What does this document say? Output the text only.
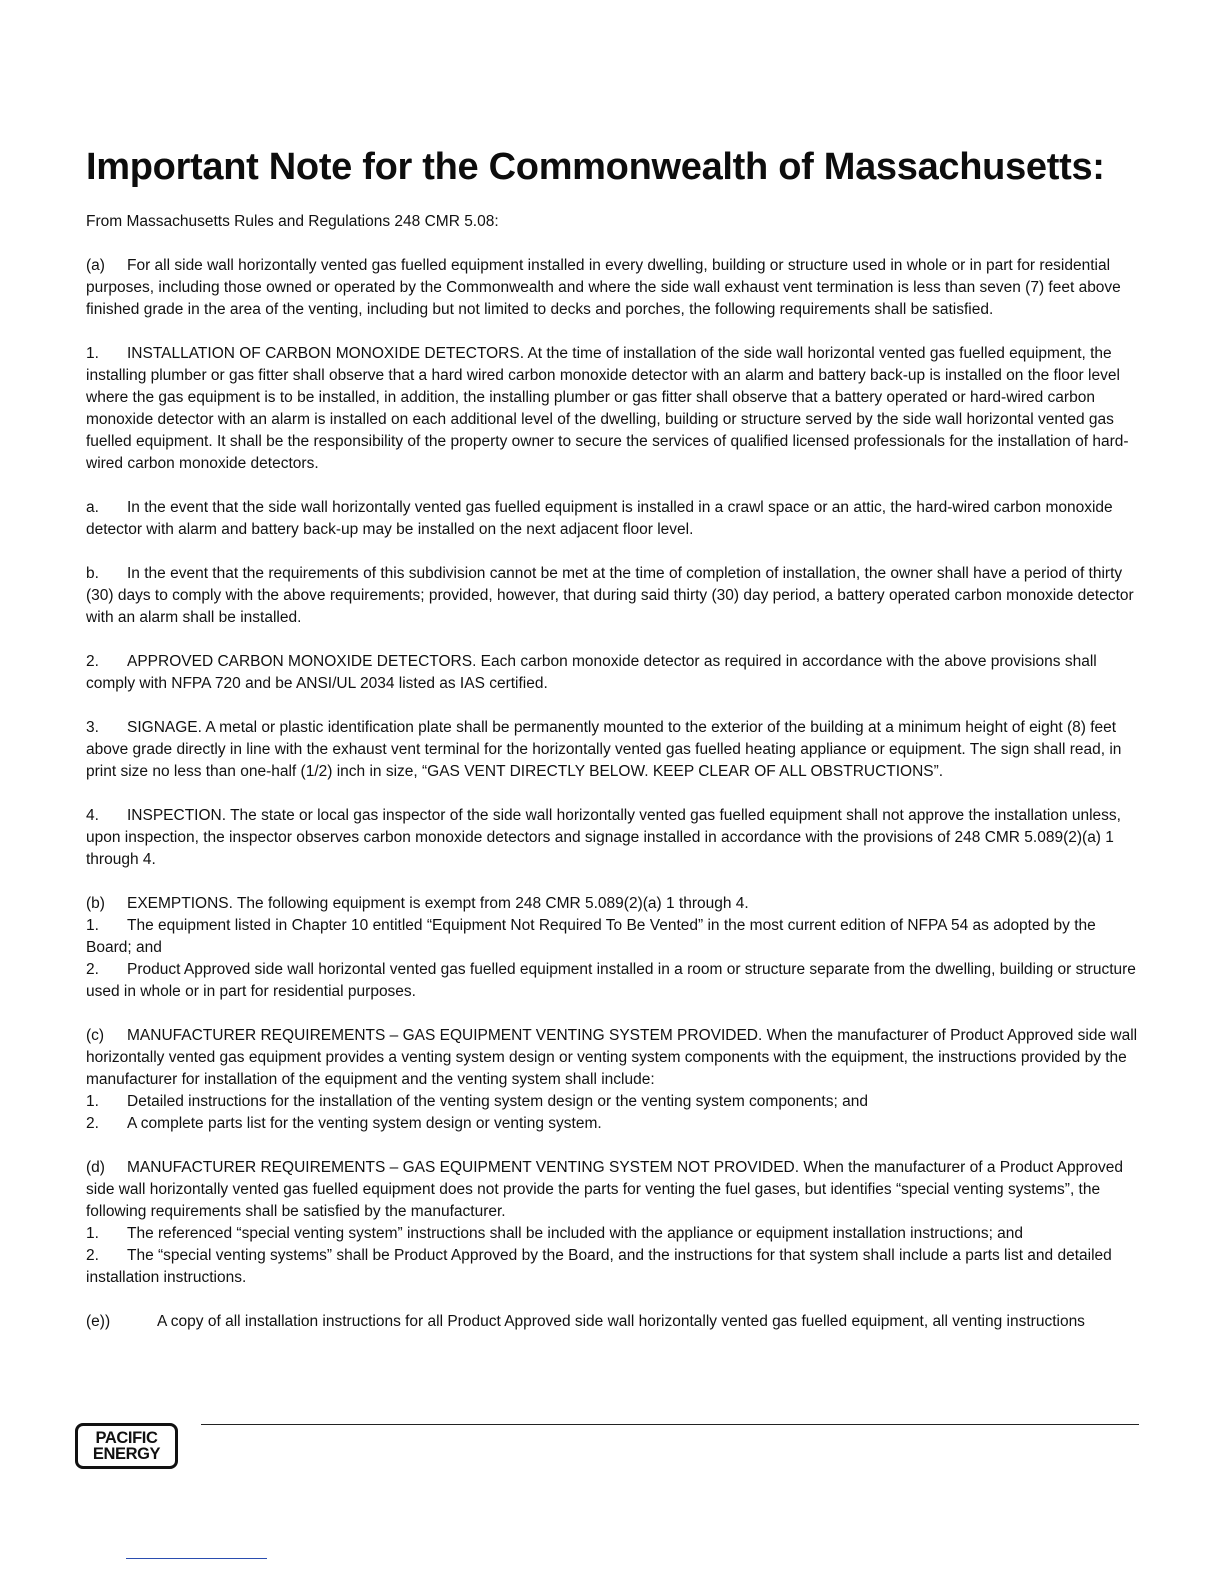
Important Note for the Commonwealth of Massachusetts:

From Massachusetts Rules and Regulations 248 CMR 5.08:

(a) For all side wall horizontally vented gas fuelled equipment installed in every dwelling, building or structure used in whole or in part for residential purposes, including those owned or operated by the Commonwealth and where the side wall exhaust vent termination is less than seven (7) feet above finished grade in the area of the venting, including but not limited to decks and porches, the following requirements shall be satisfied.

1. INSTALLATION OF CARBON MONOXIDE DETECTORS. At the time of installation of the side wall horizontal vented gas fuelled equipment, the installing plumber or gas fitter shall observe that a hard wired carbon monoxide detector with an alarm and battery back-up is installed on the floor level where the gas equipment is to be installed, in addition, the installing plumber or gas fitter shall observe that a battery operated or hard-wired carbon monoxide detector with an alarm is installed on each additional level of the dwelling, building or structure served by the side wall horizontal vented gas fuelled equipment. It shall be the responsibility of the property owner to secure the services of qualified licensed professionals for the installation of hard-wired carbon monoxide detectors.

a. In the event that the side wall horizontally vented gas fuelled equipment is installed in a crawl space or an attic, the hard-wired carbon monoxide detector with alarm and battery back-up may be installed on the next adjacent floor level.

b. In the event that the requirements of this subdivision cannot be met at the time of completion of installation, the owner shall have a period of thirty (30) days to comply with the above requirements; provided, however, that during said thirty (30) day period, a battery operated carbon monoxide detector with an alarm shall be installed.

2. APPROVED CARBON MONOXIDE DETECTORS. Each carbon monoxide detector as required in accordance with the above provisions shall comply with NFPA 720 and be ANSI/UL 2034 listed as IAS certified.

3. SIGNAGE. A metal or plastic identification plate shall be permanently mounted to the exterior of the building at a minimum height of eight (8) feet above grade directly in line with the exhaust vent terminal for the horizontally vented gas fuelled heating appliance or equipment. The sign shall read, in print size no less than one-half (1/2) inch in size, “GAS VENT DIRECTLY BELOW. KEEP CLEAR OF ALL OBSTRUCTIONS”.

4. INSPECTION. The state or local gas inspector of the side wall horizontally vented gas fuelled equipment shall not approve the installation unless, upon inspection, the inspector observes carbon monoxide detectors and signage installed in accordance with the provisions of 248 CMR 5.089(2)(a) 1 through 4.

(b) EXEMPTIONS. The following equipment is exempt from 248 CMR 5.089(2)(a) 1 through 4.

1. The equipment listed in Chapter 10 entitled “Equipment Not Required To Be Vented” in the most current edition of NFPA 54 as adopted by the Board; and

2. Product Approved side wall horizontal vented gas fuelled equipment installed in a room or structure separate from the dwelling, building or structure used in whole or in part for residential purposes.

(c) MANUFACTURER REQUIREMENTS – GAS EQUIPMENT VENTING SYSTEM PROVIDED. When the manufacturer of Product Approved side wall horizontally vented gas equipment provides a venting system design or venting system components with the equipment, the instructions provided by the manufacturer for installation of the equipment and the venting system shall include:

1. Detailed instructions for the installation of the venting system design or the venting system components; and

2. A complete parts list for the venting system design or venting system.

(d) MANUFACTURER REQUIREMENTS – GAS EQUIPMENT VENTING SYSTEM NOT PROVIDED. When the manufacturer of a Product Approved side wall horizontally vented gas fuelled equipment does not provide the parts for venting the fuel gases, but identifies “special venting systems”, the following requirements shall be satisfied by the manufacturer.

1. The referenced “special venting system” instructions shall be included with the appliance or equipment installation instructions; and

2. The “special venting systems” shall be Product Approved by the Board, and the instructions for that system shall include a parts list and detailed installation instructions.

(e))	A copy of all installation instructions for all Product Approved side wall horizontally vented gas fuelled equipment, all venting instructions

PACIFIC
ENERGY
